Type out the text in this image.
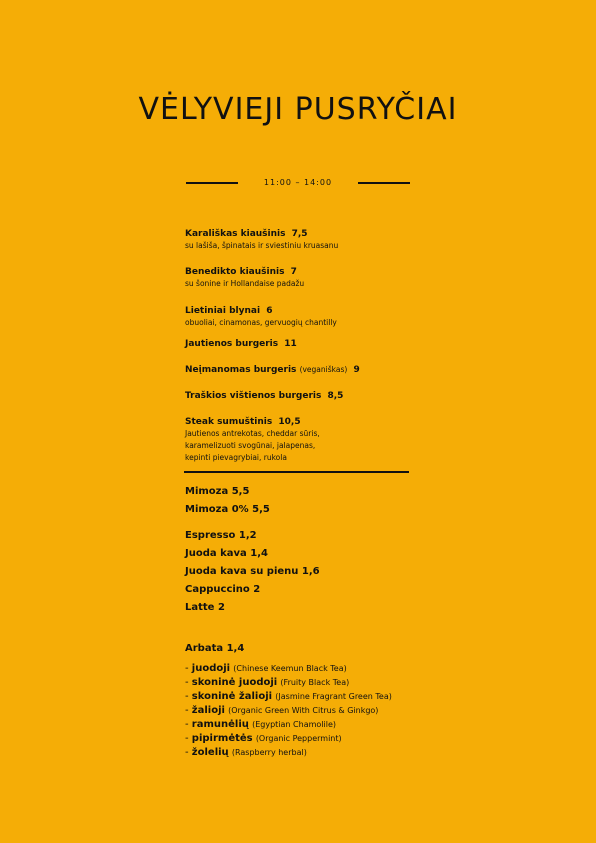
VĖLYVIEJI PUSRYČIAI
11:00 – 14:00
Karališkas kiaušinis 7,5
su lašiša, špinatais ir sviestiniu kruasanu
Benedikto kiaušinis 7
su šonine ir Hollandaise padažu
Lietiniai blynai 6
obuoliai, cinamonas, gervuogių chantilly
Jautienos burgeris 11
Neįmanomas burgeris (veganiškas) 9
Traškios vištienos burgeris 8,5
Steak sumuštinis 10,5
Jautienos antrekotas, cheddar sūris,
karamelizuoti svogūnai, jalapenas,
kepinti pievagrybiai, rukola
Mimoza 5,5
Mimoza 0% 5,5
Espresso 1,2
Juoda kava 1,4
Juoda kava su pienu 1,6
Cappuccino 2
Latte 2
Arbata 1,4
- juodoji (Chinese Keemun Black Tea)
- skoninė juodoji (Fruity Black Tea)
- skoninė žalioji (Jasmine Fragrant Green Tea)
- žalioji (Organic Green With Citrus & Ginkgo)
- ramunėlių (Egyptian Chamolile)
- pipirmėtės (Organic Peppermint)
- žolelių (Raspberry herbal)
